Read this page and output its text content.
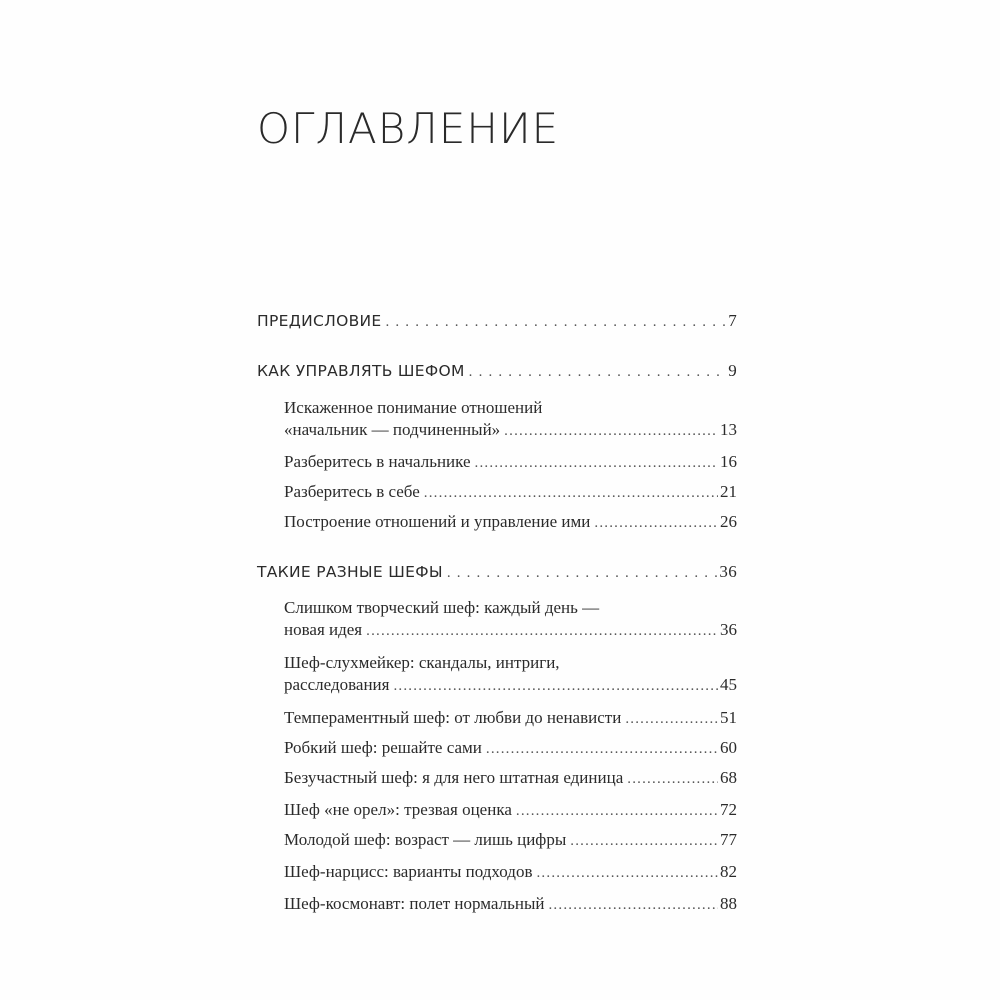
ОГЛАВЛЕНИЕ
ПРЕДИСЛОВИЕ . . .	7
КАК УПРАВЛЯТЬ ШЕФОМ . . .	9
Искаженное понимание отношений
«начальник — подчиненный» .....	13
Разберитесь в начальнике .....	16
Разберитесь в себе .....	21
Построение отношений и управление ими .....	26
ТАКИЕ РАЗНЫЕ ШЕФЫ . . .	36
Слишком творческий шеф: каждый день —
новая идея .....	36
Шеф-слухмейкер: скандалы, интриги,
расследования .....	45
Темпераментный шеф: от любви до ненависти .....	51
Робкий шеф: решайте сами .....	60
Безучастный шеф: я для него штатная единица .....	68
Шеф «не орел»: трезвая оценка .....	72
Молодой шеф: возраст — лишь цифры .....	77
Шеф-нарцисс: варианты подходов .....	82
Шеф-космонавт: полет нормальный .....	88
